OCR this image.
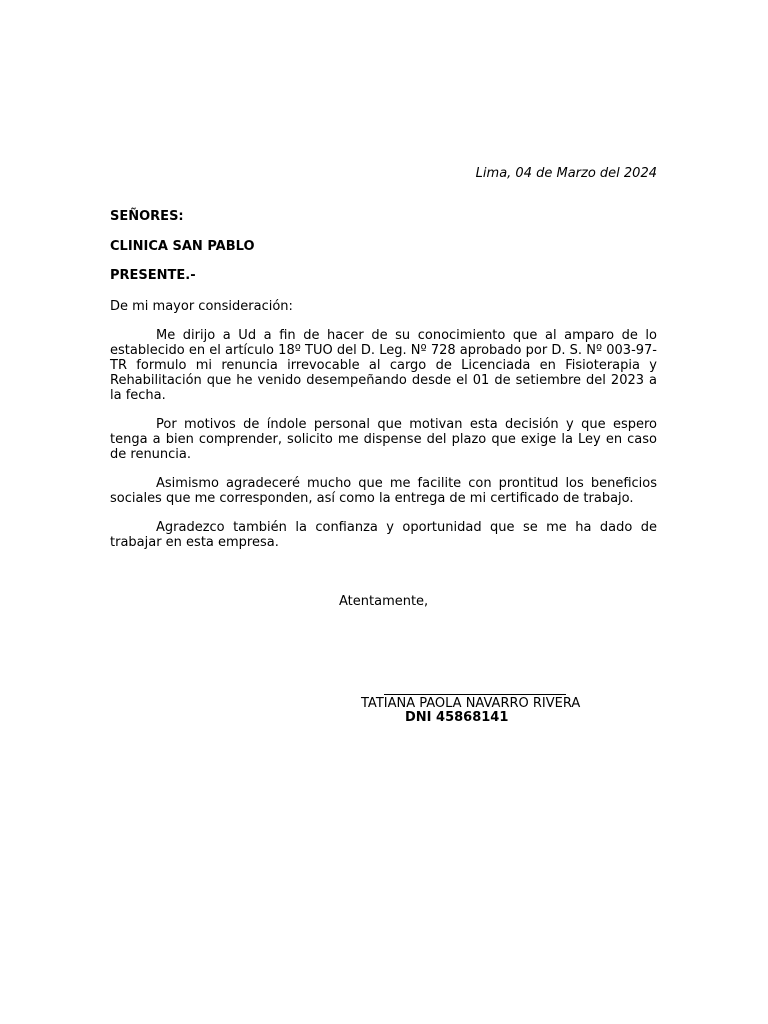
Lima, 04 de Marzo del 2024

SEÑORES:

CLINICA SAN PABLO

PRESENTE.-

De mi mayor consideración:

Me dirijo a Ud a fin de hacer de su conocimiento que al amparo de lo establecido en el artículo 18º TUO del D. Leg. Nº 728 aprobado por D. S. Nº 003-97-TR formulo mi renuncia irrevocable al cargo de Licenciada en Fisioterapia y Rehabilitación que he venido desempeñando desde el 01 de setiembre del 2023 a la fecha.

Por motivos de índole personal que motivan esta decisión y que espero tenga a bien comprender, solicito me dispense del plazo que exige la Ley en caso de renuncia.

Asimismo agradeceré mucho que me facilite con prontitud los beneficios sociales que me corresponden, así como la entrega de mi certificado de trabajo.

Agradezco también la confianza y oportunidad que se me ha dado de trabajar en esta empresa.

Atentamente,
TATIANA PAOLA NAVARRO RIVERA
DNI 45868141
